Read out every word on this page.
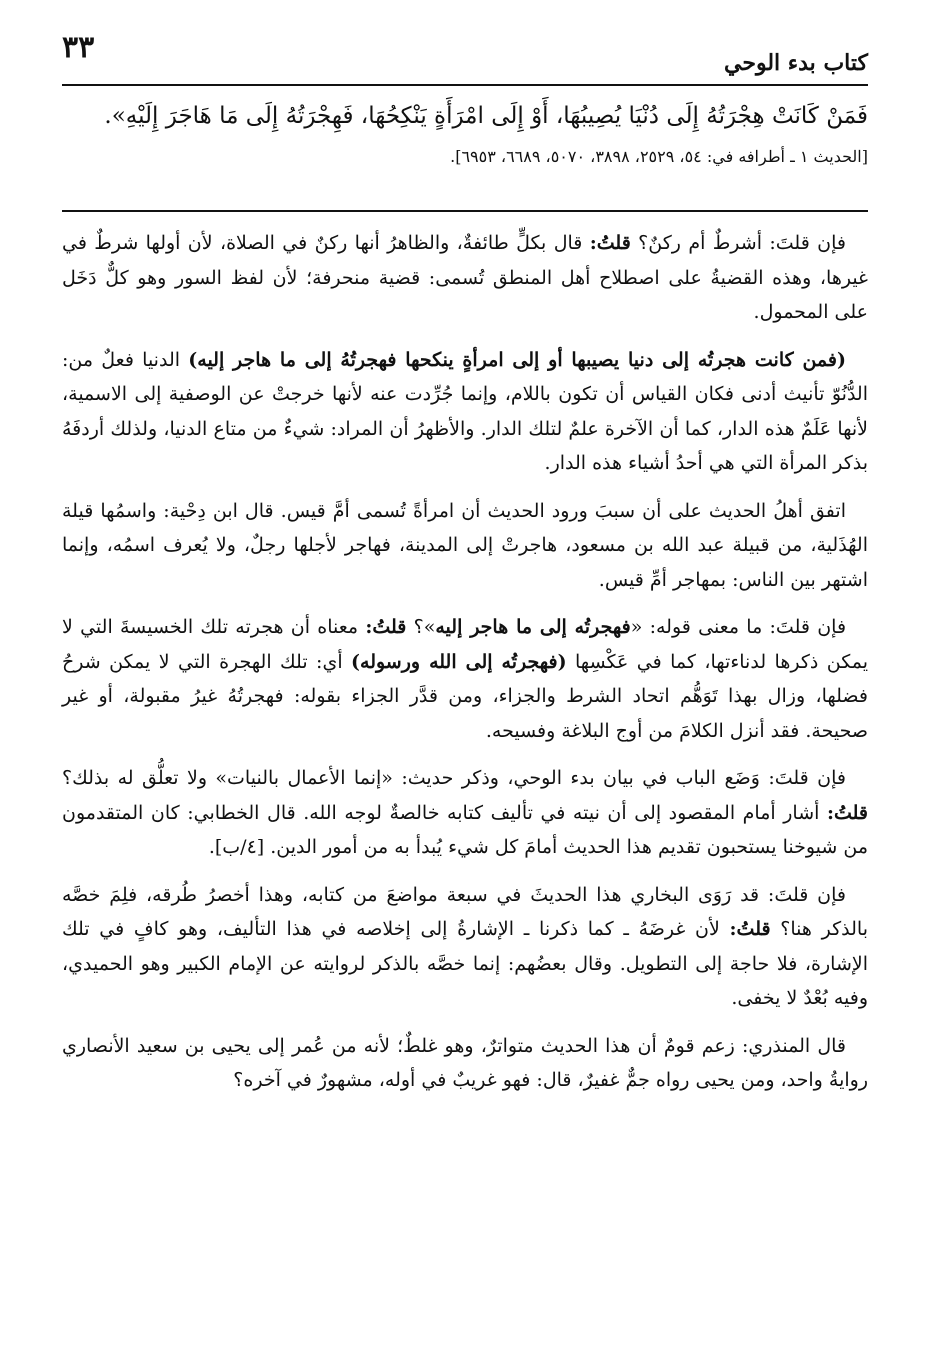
كتاب بدء الوحي
٣٣

فَمَنْ كَانَتْ هِجْرَتُهُ إِلَى دُنْيَا يُصِيبُهَا، أَوْ إِلَى امْرَأَةٍ يَنْكِحُهَا، فَهِجْرَتُهُ إِلَى مَا هَاجَرَ إِلَيْهِ».

[الحديث ١ ـ أطرافه في: ٥٤، ٢٥٢٩، ٣٨٩٨، ٥٠٧٠، ٦٦٨٩، ٦٩٥٣].

فإن قلتَ: أشرطٌ أم ركنٌ؟ قلتُ: قال بكلٍّ طائفةٌ، والظاهرُ أنها ركنٌ في الصلاة، لأن أولها شرطٌ في غيرها، وهذه القضيةُ على اصطلاح أهل المنطق تُسمى: قضية منحرفة؛ لأن لفظ السور وهو كلٌّ دَخَل على المحمول.

(فمن كانت هجرتُه إلى دنيا يصيبها أو إلى امرأةٍ ينكحها فهجرتُهُ إلى ما هاجر إليه) الدنيا فعلٌ من: الدُّنُوّ تأنيث أدنى فكان القياس أن تكون باللام، وإنما جُرِّدت عنه لأنها خرجتْ عن الوصفية إلى الاسمية، لأنها عَلَمٌ هذه الدار، كما أن الآخرة علمٌ لتلك الدار. والأظهرُ أن المراد: شيءٌ من متاع الدنيا، ولذلك أردفَهُ بذكر المرأة التي هي أحدُ أشياء هذه الدار.

اتفق أهلُ الحديث على أن سببَ ورود الحديث أن امرأةً تُسمى أمَّ قيس. قال ابن دِحْية: واسمُها قيلة الهُذَلية، من قبيلة عبد الله بن مسعود، هاجرتْ إلى المدينة، فهاجر لأجلها رجلٌ، ولا يُعرف اسمُه، وإنما اشتهر بين الناس: بمهاجر أمِّ قيس.

فإن قلتَ: ما معنى قوله: «فهجرتُه إلى ما هاجر إليه»؟ قلتُ: معناه أن هجرته تلك الخسيسةَ التي لا يمكن ذكرها لدناءتها، كما في عَكْسِها (فهجرتُه إلى الله ورسوله) أي: تلك الهجرة التي لا يمكن شرحُ فضلها، وزال بهذا تَوَهُّم اتحاد الشرط والجزاء، ومن قدَّر الجزاء بقوله: فهجرتُهُ غيرُ مقبولة، أو غير صحيحة. فقد أنزل الكلامَ من أوج البلاغة وفسيحه.

فإن قلتَ: وَضَع الباب في بيان بدء الوحي، وذكر حديث: «إنما الأعمال بالنيات» ولا تعلُّق له بذلك؟ قلتُ: أشار أمام المقصود إلى أن نيته في تأليف كتابه خالصةٌ لوجه الله. قال الخطابي: كان المتقدمون من شيوخنا يستحبون تقديم هذا الحديث أمامَ كل شيء يُبدأ به من أمور الدين. [٤/ب].

فإن قلتَ: قد رَوَى البخاري هذا الحديثَ في سبعة مواضعَ من كتابه، وهذا أخصرُ طُرقه، فلِمَ خصَّه بالذكر هنا؟ قلتُ: لأن غرضَهُ ـ كما ذكرنا ـ الإشارةُ إلى إخلاصه في هذا التأليف، وهو كافٍ في تلك الإشارة، فلا حاجة إلى التطويل. وقال بعضُهم: إنما خصَّه بالذكر لروايته عن الإمام الكبير وهو الحميدي، وفيه بُعْدٌ لا يخفى.

قال المنذري: زعم قومٌ أن هذا الحديث متواترٌ، وهو غلطٌ؛ لأنه من عُمر إلى يحيى بن سعيد الأنصاري روايةُ واحد، ومن يحيى رواه جمٌّ غفيرٌ، قال: فهو غريبٌ في أوله، مشهورٌ في آخره؟
